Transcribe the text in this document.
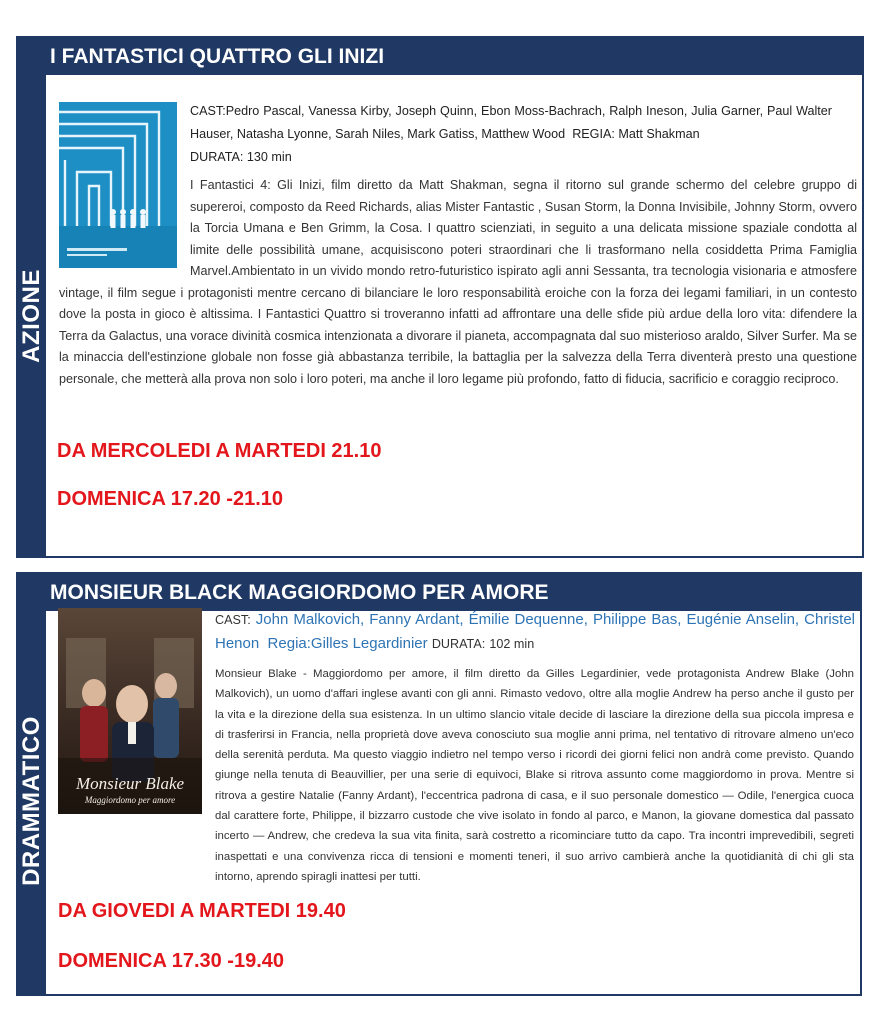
I FANTASTICI QUATTRO GLI INIZI
AZIONE
CAST:Pedro Pascal, Vanessa Kirby, Joseph Quinn, Ebon Moss-Bachrach, Ralph Ineson, Julia Garner, Paul Walter Hauser, Natasha Lyonne, Sarah Niles, Mark Gatiss, Matthew Wood REGIA: Matt Shakman
DURATA: 130 min
I Fantastici 4: Gli Inizi, film diretto da Matt Shakman, segna il ritorno sul grande schermo del celebre gruppo di supereroi, composto da Reed Richards, alias Mister Fantastic , Susan Storm, la Donna Invisibile, Johnny Storm, ovvero la Torcia Umana e Ben Grimm, la Cosa. I quattro scienziati, in seguito a una delicata missione spaziale condotta al limite delle possibilità umane, acquisiscono poteri straordinari che li trasformano nella cosiddetta Prima Famiglia Marvel.Ambientato in un vivido mondo retro-futuristico ispirato agli anni Sessanta, tra tecnologia visionaria e atmosfere vintage, il film segue i protagonisti mentre cercano di bilanciare le loro responsabilità eroiche con la forza dei legami familiari, in un contesto dove la posta in gioco è altissima. I Fantastici Quattro si troveranno infatti ad affrontare una delle sfide più ardue della loro vita: difendere la Terra da Galactus, una vorace divinità cosmica intenzionata a divorare il pianeta, accompagnata dal suo misterioso araldo, Silver Surfer. Ma se la minaccia dell'estinzione globale non fosse già abbastanza terribile, la battaglia per la salvezza della Terra diventerà presto una questione personale, che metterà alla prova non solo i loro poteri, ma anche il loro legame più profondo, fatto di fiducia, sacrificio e coraggio reciproco.
DA MERCOLEDI A MARTEDI 21.10
DOMENICA 17.20 -21.10
MONSIEUR BLACK MAGGIORDOMO PER AMORE
DRAMMATICO Monsieur Blake
Maggiordomo per amore
CAST: John Malkovich, Fanny Ardant, Émilie Dequenne, Philippe Bas, Eugénie Anselin, Christel Henon Regia:Gilles Legardinier DURATA: 102 min
Monsieur Blake - Maggiordomo per amore, il film diretto da Gilles Legardinier, vede protagonista Andrew Blake (John Malkovich), un uomo d'affari inglese avanti con gli anni. Rimasto vedovo, oltre alla moglie Andrew ha perso anche il gusto per la vita e la direzione della sua esistenza. In un ultimo slancio vitale decide di lasciare la direzione della sua piccola impresa e di trasferirsi in Francia, nella proprietà dove aveva conosciuto sua moglie anni prima, nel tentativo di ritrovare almeno un'eco della serenità perduta. Ma questo viaggio indietro nel tempo verso i ricordi dei giorni felici non andrà come previsto. Quando giunge nella tenuta di Beauvillier, per una serie di equivoci, Blake si ritrova assunto come maggiordomo in prova. Mentre si ritrova a gestire Natalie (Fanny Ardant), l'eccentrica padrona di casa, e il suo personale domestico — Odile, l'energica cuoca dal carattere forte, Philippe, il bizzarro custode che vive isolato in fondo al parco, e Manon, la giovane domestica dal passato incerto — Andrew, che credeva la sua vita finita, sarà costretto a ricominciare tutto da capo. Tra incontri imprevedibili, segreti inaspettati e una convivenza ricca di tensioni e momenti teneri, il suo arrivo cambierà anche la quotidianità di chi gli sta intorno, aprendo spiragli inattesi per tutti.
DA GIOVEDI A MARTEDI 19.40
DOMENICA 17.30 -19.40
